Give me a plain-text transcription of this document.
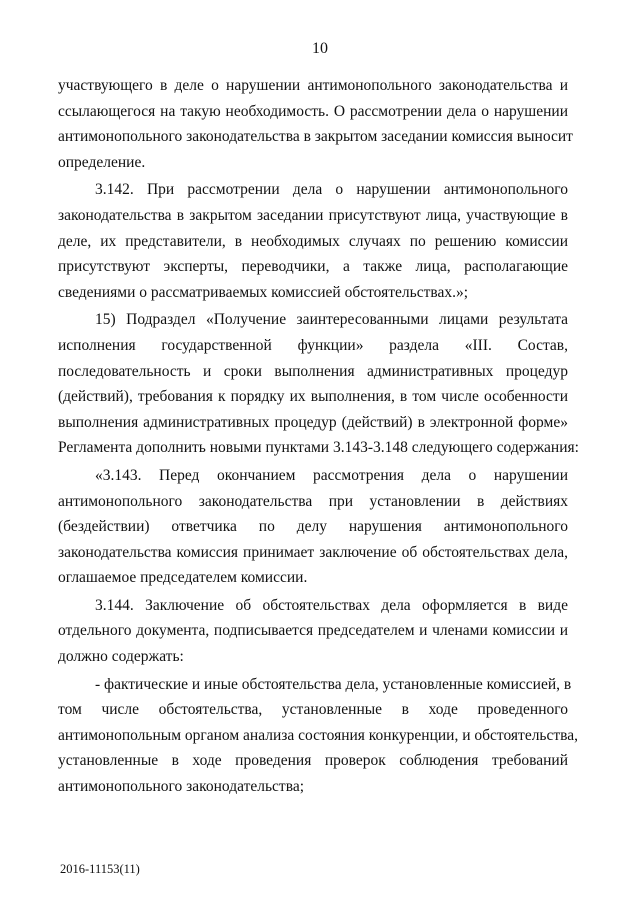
10
участвующего в деле о нарушении антимонопольного законодательства и
ссылающегося на такую необходимость. О рассмотрении дела о нарушении
антимонопольного законодательства в закрытом заседании комиссия выносит
определение.
3.142. При рассмотрении дела о нарушении антимонопольного
законодательства в закрытом заседании присутствуют лица, участвующие в
деле, их представители, в необходимых случаях по решению комиссии
присутствуют эксперты, переводчики, а также лица, располагающие
сведениями о рассматриваемых комиссией обстоятельствах.»;
15) Подраздел «Получение заинтересованными лицами результата
исполнения государственной функции» раздела «III. Состав,
последовательность и сроки выполнения административных процедур
(действий), требования к порядку их выполнения, в том числе особенности
выполнения административных процедур (действий) в электронной форме»
Регламента дополнить новыми пунктами 3.143-3.148 следующего содержания:
«3.143. Перед окончанием рассмотрения дела о нарушении
антимонопольного законодательства при установлении в действиях
(бездействии) ответчика по делу нарушения антимонопольного
законодательства комиссия принимает заключение об обстоятельствах дела,
оглашаемое председателем комиссии.
3.144. Заключение об обстоятельствах дела оформляется в виде
отдельного документа, подписывается председателем и членами комиссии и
должно содержать:
- фактические и иные обстоятельства дела, установленные комиссией, в
том числе обстоятельства, установленные в ходе проведенного
антимонопольным органом анализа состояния конкуренции, и обстоятельства,
установленные в ходе проведения проверок соблюдения требований
антимонопольного законодательства;
2016-11153(11)
